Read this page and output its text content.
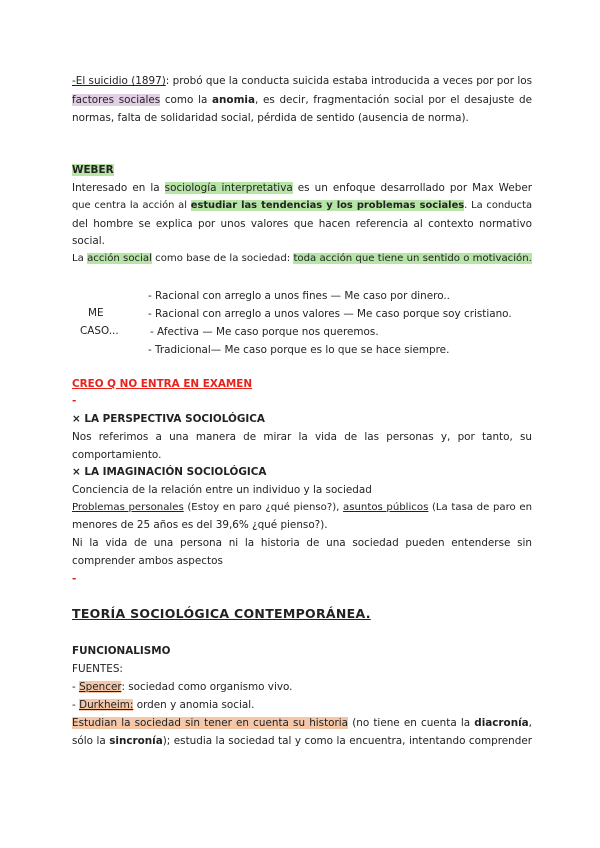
-El suicidio (1897): probó que la conducta suicida estaba introducida a veces por por los
factores sociales como la anomia, es decir, fragmentación social por el desajuste de
normas, falta de solidaridad social, pérdida de sentido (ausencia de norma).
WEBER
Interesado en la sociología interpretativa es un enfoque desarrollado por Max Weber
que centra la acción al estudiar las tendencias y los problemas sociales. La conducta
del hombre se explica por unos valores que hacen referencia al contexto normativo
social.
La acción social como base de la sociedad: toda acción que tiene un sentido o motivación.
- Racional con arreglo a unos fines — Me caso por dinero..
- Racional con arreglo a unos valores — Me caso porque soy cristiano.
- Afectiva — Me caso porque nos queremos.
- Tradicional— Me caso porque es lo que se hace siempre.
ME
CASO...
CREO Q NO ENTRA EN EXAMEN
-
× LA PERSPECTIVA SOCIOLÓGICA
Nos referimos a una manera de mirar la vida de las personas y, por tanto, su
comportamiento.
× LA IMAGINACIÓN SOCIOLÓGICA
Conciencia de la relación entre un individuo y la sociedad
Problemas personales (Estoy en paro ¿qué pienso?), asuntos públicos (La tasa de paro en
menores de 25 años es del 39,6% ¿qué pienso?).
Ni la vida de una persona ni la historia de una sociedad pueden entenderse sin
comprender ambos aspectos
-
TEORÍA SOCIOLÓGICA CONTEMPORÁNEA.
FUNCIONALISMO
FUENTES:
- Spencer: sociedad como organismo vivo.
- Durkheim: orden y anomia social.
Estudian la sociedad sin tener en cuenta su historia (no tiene en cuenta la diacronía,
sólo la sincronía); estudia la sociedad tal y como la encuentra, intentando comprender
